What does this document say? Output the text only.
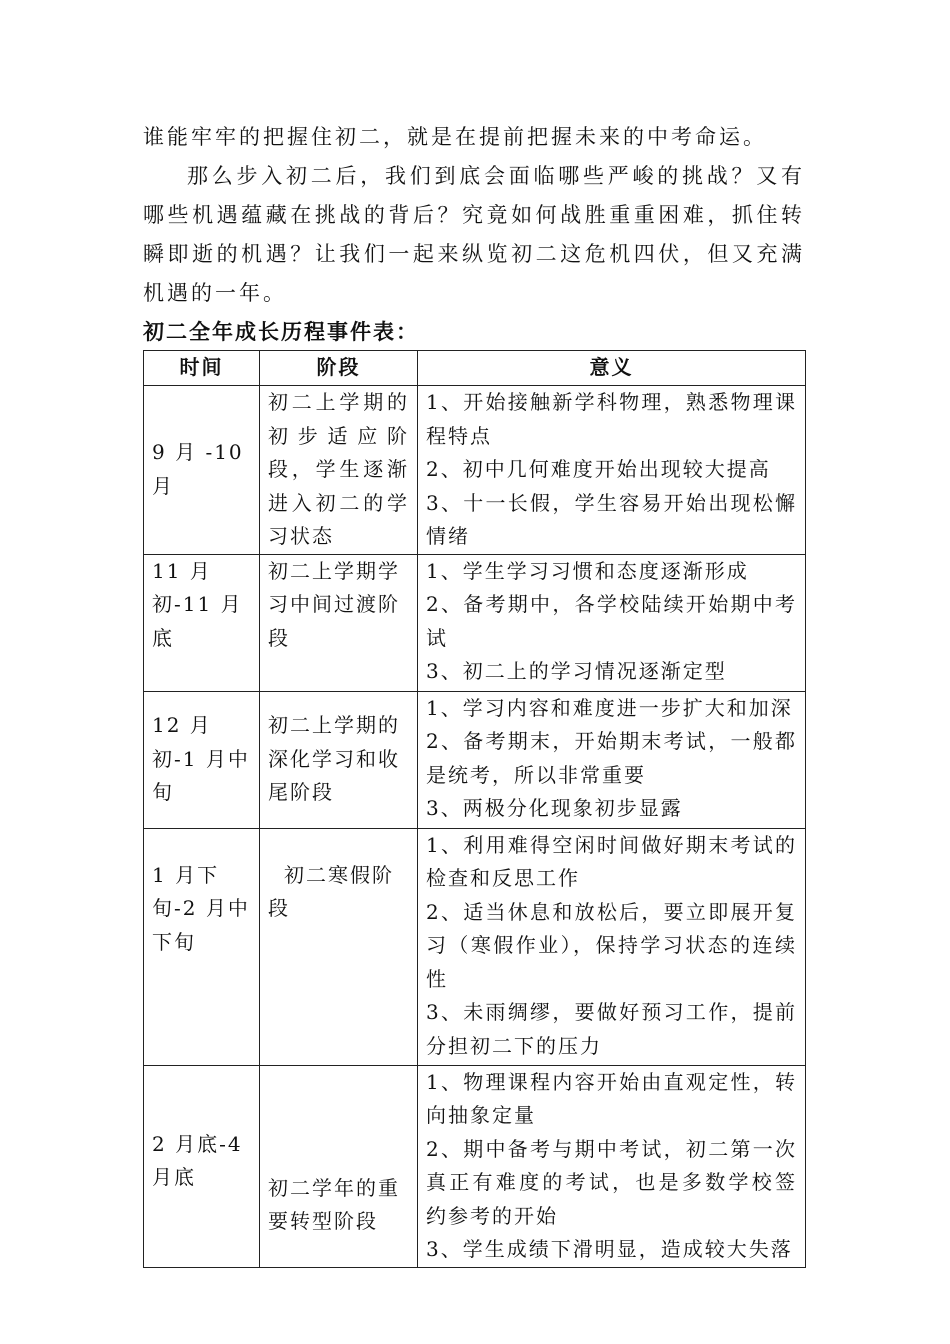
谁能牢牢的把握住初二，就是在提前把握未来的中考命运。

那么步入初二后，我们到底会面临哪些严峻的挑战？又有哪些机遇蕴藏在挑战的背后？究竟如何战胜重重困难，抓住转瞬即逝的机遇？让我们一起来纵览初二这危机四伏，但又充满机遇的一年。

初二全年成长历程事件表：

时间	阶段	意义
9 月 -10 月	初二上学期的初步适应阶段，学生逐渐进入初二的学习状态	1、开始接触新学科物理，熟悉物理课程特点
2、初中几何难度开始出现较大提高
3、十一长假，学生容易开始出现松懈情绪

11 月初-11 月底	初二上学期学习中间过渡阶段	1、学生学习习惯和态度逐渐形成
2、备考期中，各学校陆续开始期中考试
3、初二上的学习情况逐渐定型

12 月初-1 月中旬	初二上学期的深化学习和收尾阶段	1、学习内容和难度进一步扩大和加深
2、备考期末，开始期末考试，一般都是统考，所以非常重要
3、两极分化现象初步显露

1 月下旬-2 月中下旬	初二寒假阶段	1、利用难得空闲时间做好期末考试的检查和反思工作
2、适当休息和放松后，要立即展开复习（寒假作业），保持学习状态的连续性
3、未雨绸缪，要做好预习工作，提前分担初二下的压力

2 月底-4 月底	初二学年的重要转型阶段	1、物理课程内容开始由直观定性，转向抽象定量
2、期中备考与期中考试，初二第一次真正有难度的考试，也是多数学校签约参考的开始
3、学生成绩下滑明显，造成较大失落
